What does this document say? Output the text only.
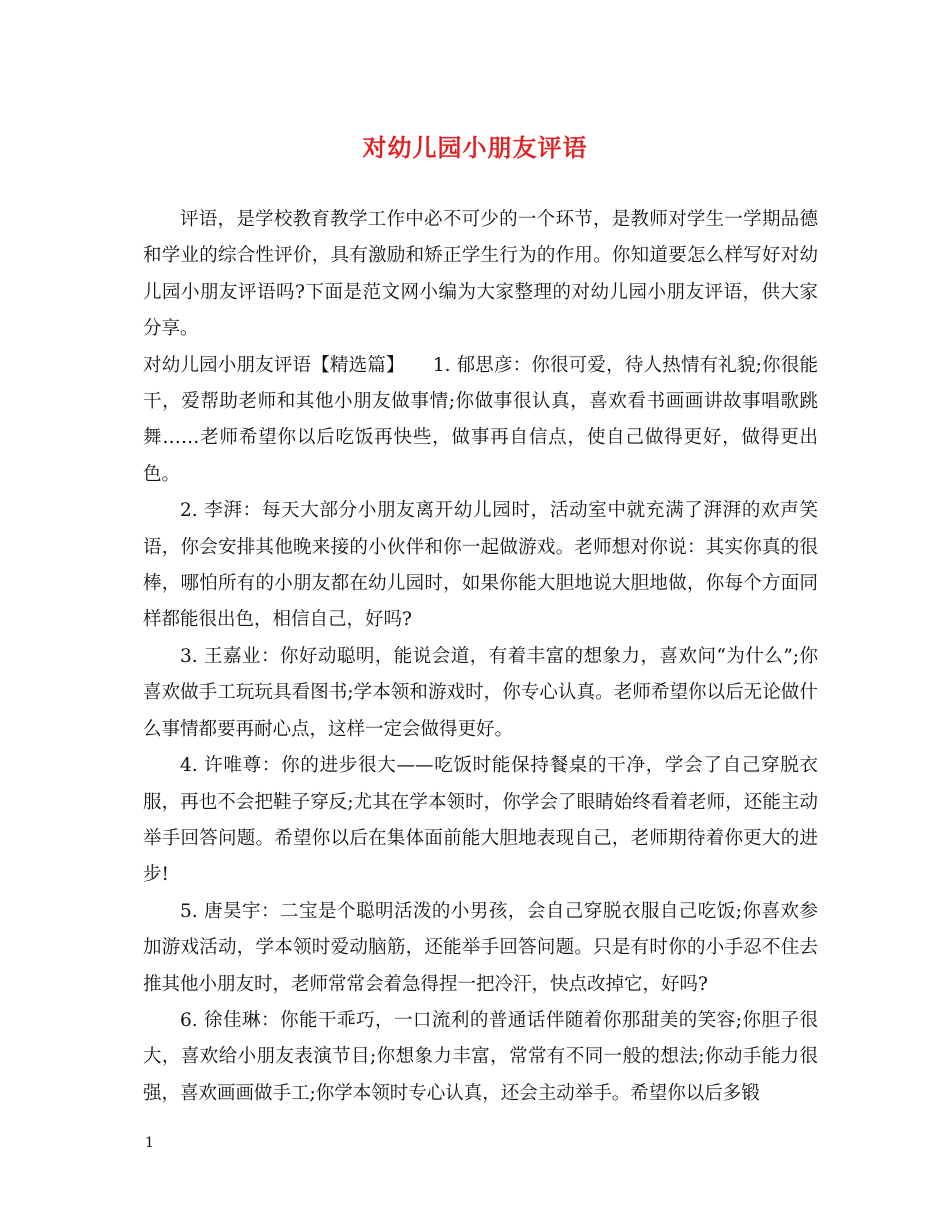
对幼儿园小朋友评语

评语，是学校教育教学工作中必不可少的一个环节，是教师对学生一学期品德和学业的综合性评价，具有激励和矫正学生行为的作用。你知道要怎么样写好对幼儿园小朋友评语吗?下面是范文网小编为大家整理的对幼儿园小朋友评语，供大家分享。

对幼儿园小朋友评语【精选篇】　　1. 郁思彦：你很可爱，待人热情有礼貌;你很能干，爱帮助老师和其他小朋友做事情;你做事很认真，喜欢看书画画讲故事唱歌跳舞……老师希望你以后吃饭再快些，做事再自信点，使自己做得更好，做得更出色。

2. 李湃：每天大部分小朋友离开幼儿园时，活动室中就充满了湃湃的欢声笑语，你会安排其他晚来接的小伙伴和你一起做游戏。老师想对你说：其实你真的很棒，哪怕所有的小朋友都在幼儿园时，如果你能大胆地说大胆地做，你每个方面同样都能很出色，相信自己，好吗?

3. 王嘉业：你好动聪明，能说会道，有着丰富的想象力，喜欢问“为什么”;你喜欢做手工玩玩具看图书;学本领和游戏时，你专心认真。老师希望你以后无论做什么事情都要再耐心点，这样一定会做得更好。

4. 许唯尊：你的进步很大——吃饭时能保持餐桌的干净，学会了自己穿脱衣服，再也不会把鞋子穿反;尤其在学本领时，你学会了眼睛始终看着老师，还能主动举手回答问题。希望你以后在集体面前能大胆地表现自己，老师期待着你更大的进步!

5. 唐昊宇：二宝是个聪明活泼的小男孩，会自己穿脱衣服自己吃饭;你喜欢参加游戏活动，学本领时爱动脑筋，还能举手回答问题。只是有时你的小手忍不住去推其他小朋友时，老师常常会着急得捏一把冷汗，快点改掉它，好吗?

6. 徐佳琳：你能干乖巧，一口流利的普通话伴随着你那甜美的笑容;你胆子很大，喜欢给小朋友表演节目;你想象力丰富，常常有不同一般的想法;你动手能力很强，喜欢画画做手工;你学本领时专心认真，还会主动举手。希望你以后多锻

1
